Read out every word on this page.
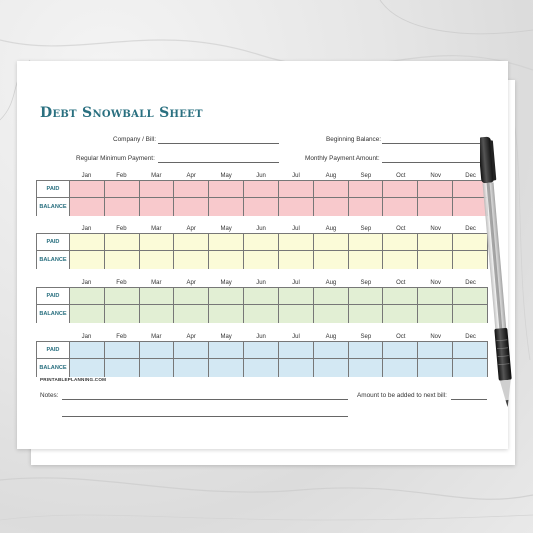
Debt Snowball Sheet
Company / Bill:	Beginning Balance:
Regular Minimum Payment:	Monthly Payment Amount:
Jan	Feb	Mar	Apr	May	Jun	Jul	Aug	Sep	Oct	Nov	Dec
PAID
BALANCE
Jan	Feb	Mar	Apr	May	Jun	Jul	Aug	Sep	Oct	Nov	Dec
PAID
BALANCE
Jan	Feb	Mar	Apr	May	Jun	Jul	Aug	Sep	Oct	Nov	Dec
PAID
BALANCE
Jan	Feb	Mar	Apr	May	Jun	Jul	Aug	Sep	Oct	Nov	Dec
PAID
BALANCE
PRINTABLEPLANNING.COM
Notes:	Amount to be added to next bill:
